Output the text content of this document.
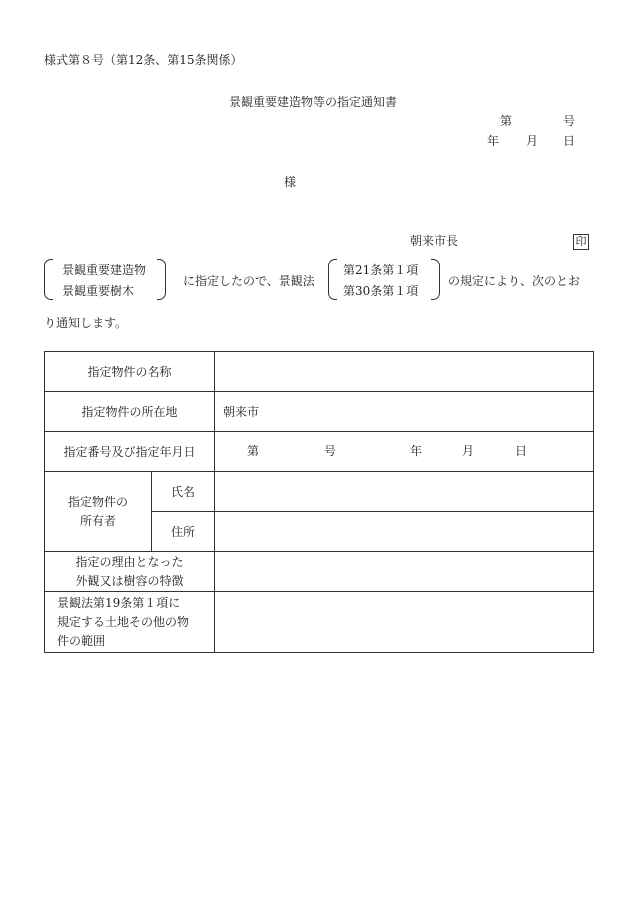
様式第８号（第12条、第15条関係）
景観重要建造物等の指定通知書
第	号
年 月 日
様
朝来市長	印
景観重要建造物
景観重要樹木
に指定したので、景観法
第21条第１項
第30条第１項
の規定により、次のとお
り通知します。
指定物件の名称		
指定物件の所在地		朝来市
指定番号及び指定年月日		第 号 年 月 日

指定物件の
所有者	氏名	
	住所	

指定の理由となった
外観又は樹容の特徴		

景観法第19条第１項に
規定する土地その他の物
件の範囲		
